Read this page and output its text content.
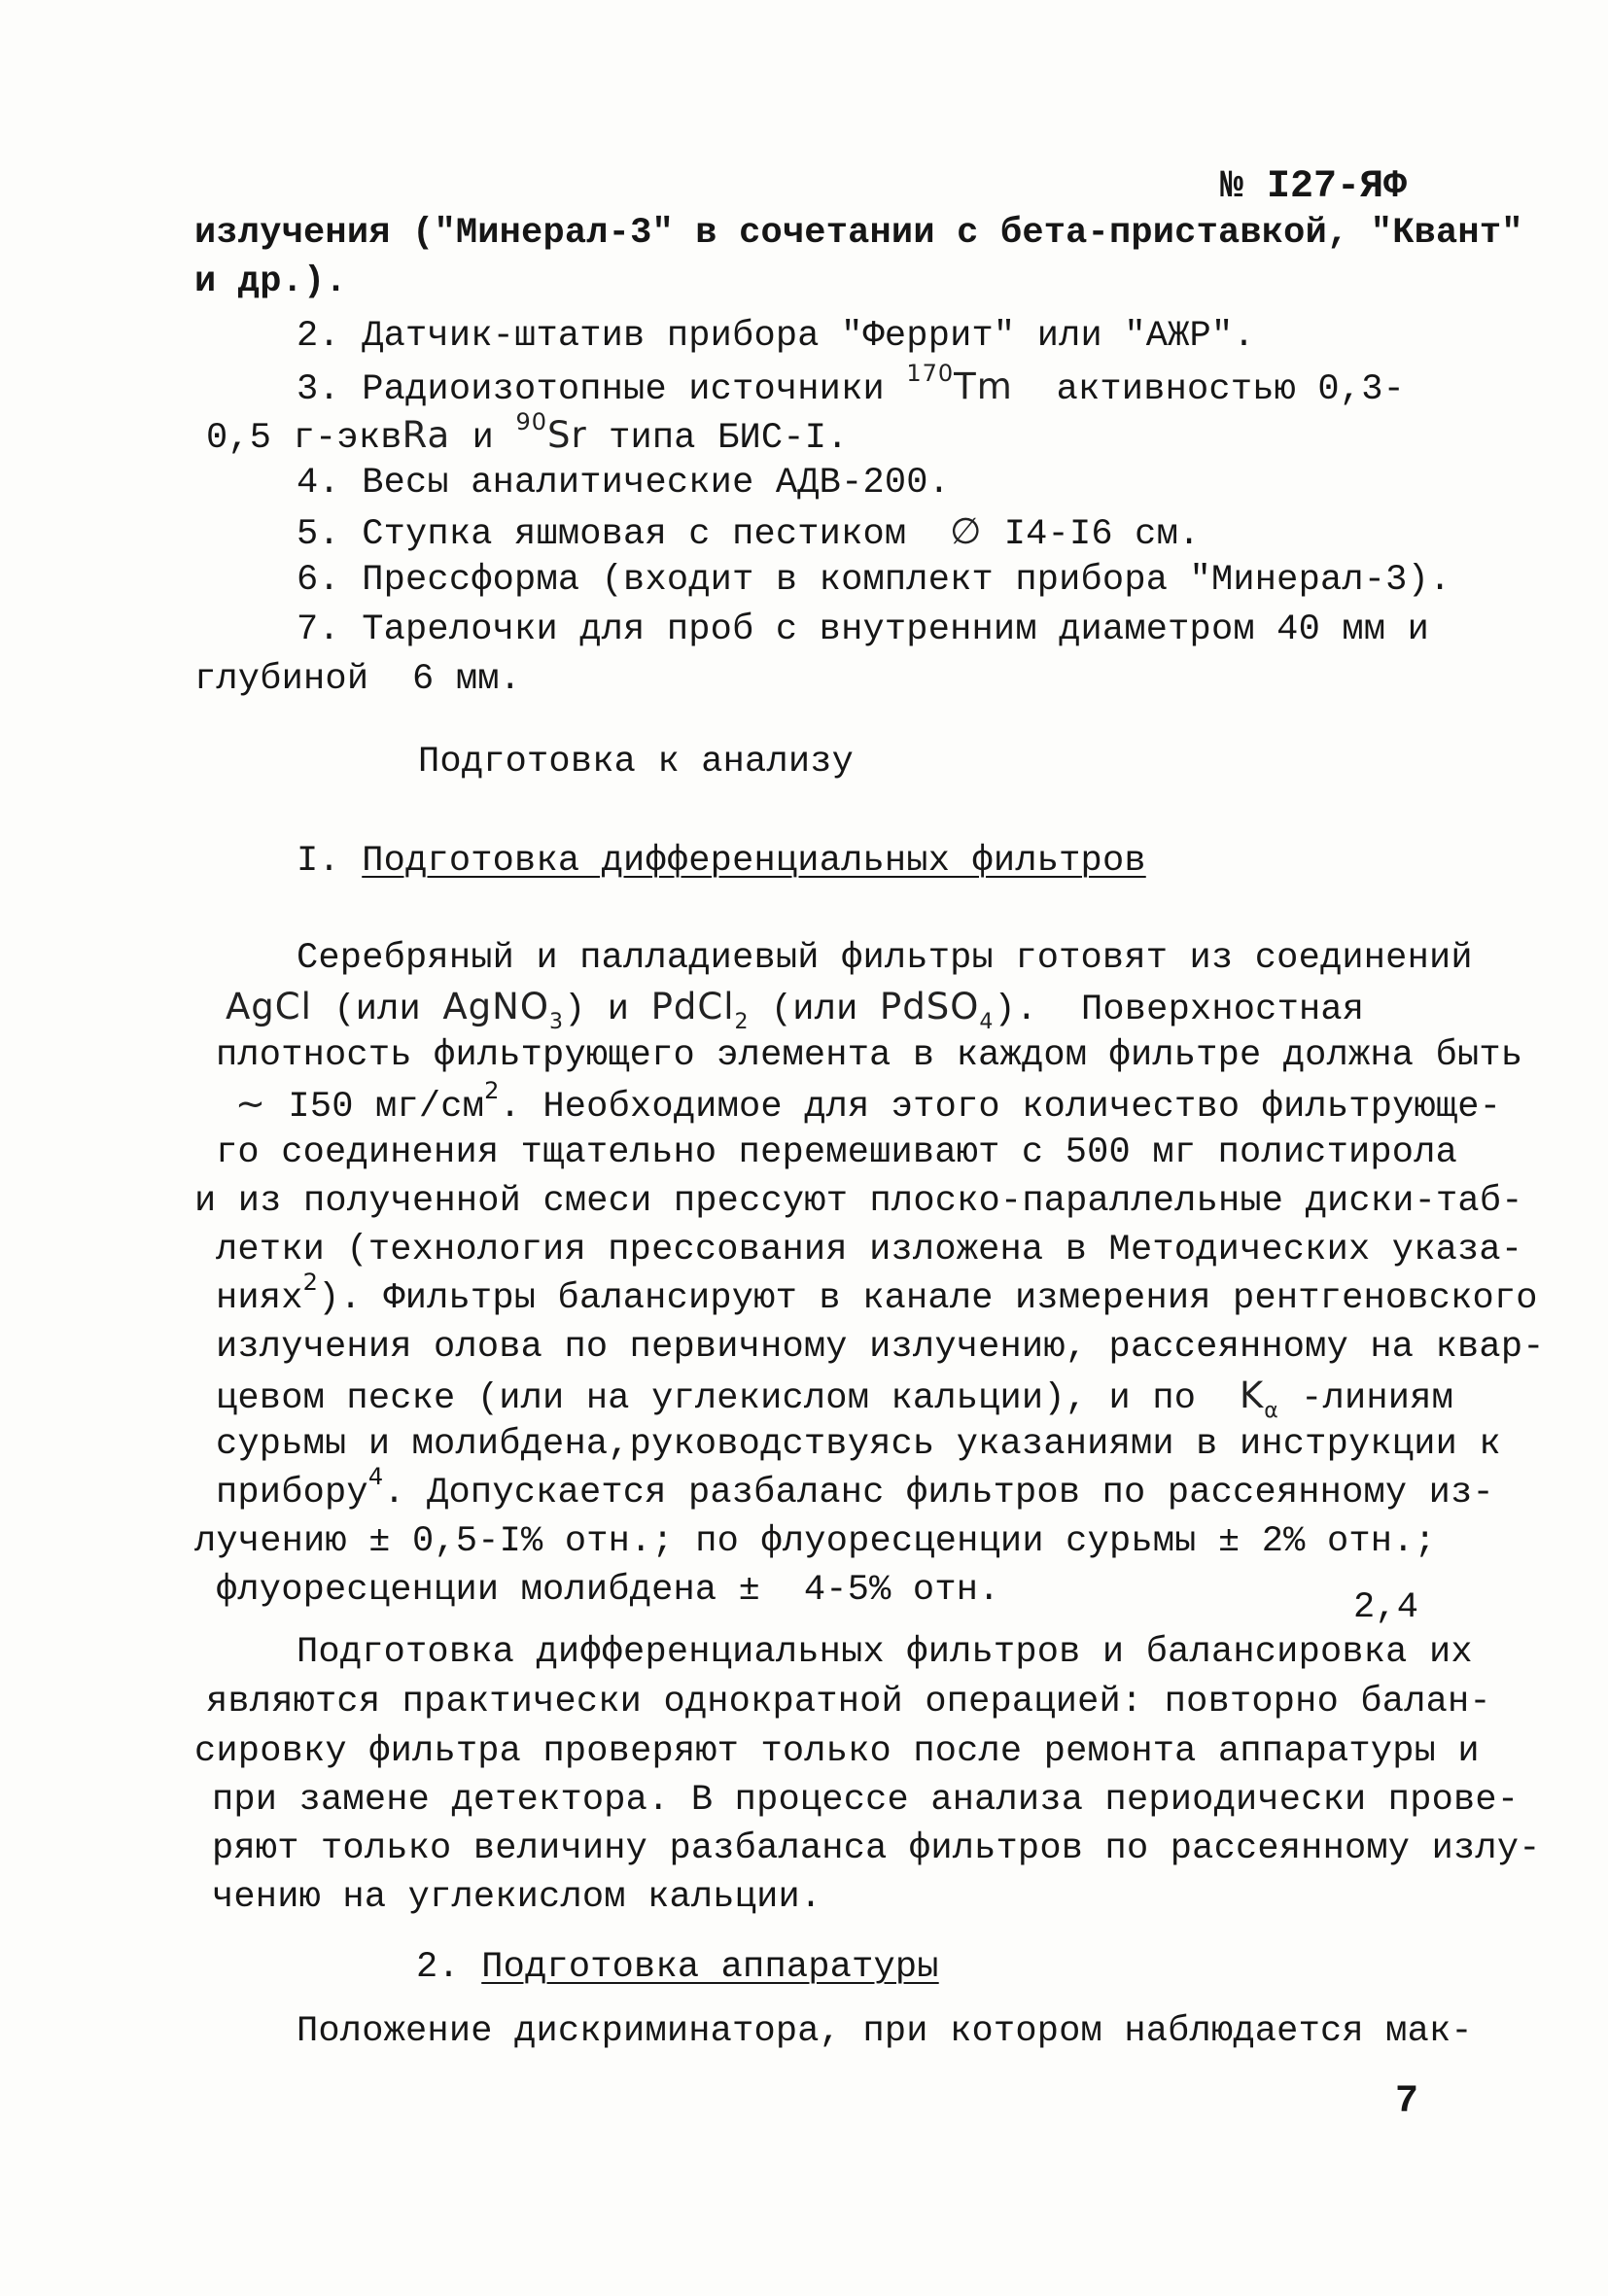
№ I27-ЯФ
излучения ("Минерал-3" в сочетании с бета-приставкой, "Квант"
и др.).
2. Датчик-штатив прибора "Феррит" или "АЖР".
3. Радиоизотопные источники $^{170}$Tm  активностью 0,3-
0,5 г-эквRa и $^{90}$Sr типа БИС-I.
4. Весы аналитические АДВ-200.
5. Ступка яшмовая с пестиком  ∅ I4-I6 см.
6. Прессформа (входит в комплект прибора "Минерал-3).
7. Тарелочки для проб с внутренним диаметром 40 мм и
глубиной  6 мм.
Подготовка к анализу
I. Подготовка дифференциальных фильтров
Серебряный и палладиевый фильтры готовят из соединений
AgCl (или AgNO$_3$) и PdCl$_2$ (или PdSO$_4$).  Поверхностная
плотность фильтрующего элемента в каждом фильтре должна быть
~ I50 $мг/см^2$. Необходимое для этого количество фильтрующе-
го соединения тщательно перемешивают с 500 мг полистирола
и из полученной смеси прессуют плоско-параллельные диски-таб-
летки (технология прессования изложена в Методических указа-
ниях$^2$). Фильтры балансируют в канале измерения рентгеновского
излучения олова по первичному излучению, рассеянному на квар-
цевом песке (или на углекислом кальции), и по  $K_\alpha$ -линиям
сурьмы и молибдена,руководствуясь указаниями в инструкции к
прибору$^4$. Допускается разбаланс фильтров по рассеянному из-
лучению ± 0,5-I% отн.; по флуоресценции сурьмы ± 2% отн.;
флуоресценции молибдена ±  4-5% отн.	2,4
Подготовка дифференциальных фильтров и балансировка их
являются практически однократной операцией: повторно балан-
сировку фильтра проверяют только после ремонта аппаратуры и
при замене детектора. В процессе анализа периодически прове-
ряют только величину разбаланса фильтров по рассеянному излу-
чению на углекислом кальции.
2. Подготовка аппаратуры
Положение дискриминатора, при котором наблюдается мак-
7
